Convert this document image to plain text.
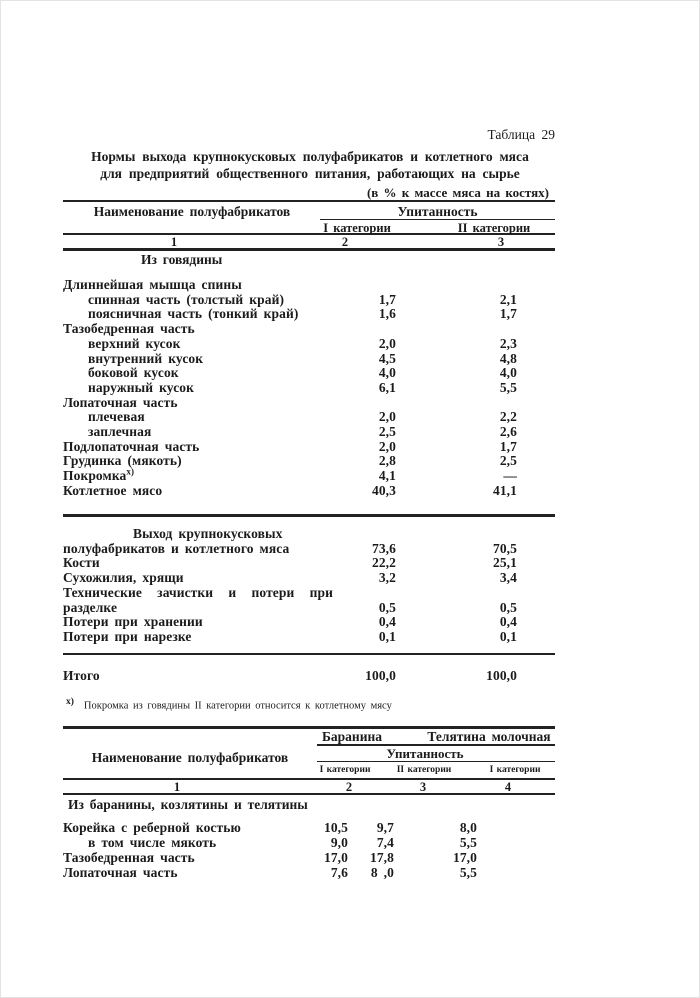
Таблица 29
Нормы выхода крупнокусковых полуфабрикатов и котлетного мяса
для предприятий общественного питания, работающих на сырье
(в % к массе мяса на костях)
Наименование полуфабрикатов	Упитанность
I категории	II категории
1	2	3
Из говядины
Длиннейшая мышца спины
спинная часть (толстый край)	1,7	2,1
поясничная часть (тонкий край)	1,6	1,7
Тазобедренная часть
верхний кусок	2,0	2,3
внутренний кусок	4,5	4,8
боковой кусок	4,0	4,0
наружный кусок	6,1	5,5
Лопаточная часть
плечевая	2,0	2,2
заплечная	2,5	2,6
Подлопаточная часть	2,0	1,7
Грудинка (мякоть)	2,8	2,5
Покромка$^{х)}$	4,1	—
Котлетное мясо	40,3	41,1
Выход крупнокусковых
полуфабрикатов и котлетного мяса	73,6	70,5
Кости	22,2	25,1
Сухожилия, хрящи	3,2	3,4
Технические зачистки и потери при
разделке	0,5	0,5
Потери при хранении	0,4	0,4
Потери при нарезке	0,1	0,1
Итого	100,0	100,0
х) Покромка из говядины II категории относится к котлетному мясу
Наименование полуфабрикатов
Баранина	Телятина молочная
Упитанность
I категории	II категории	I категории
1	2	3	4
Из баранины, козлятины и телятины
Корейка с реберной костью	10,5	9,7	8,0
в том числе мякоть	9,0	7,4	5,5
Тазобедренная часть	17,0	17,8	17,0
Лопаточная часть	7,6	8 ,0	5,5
